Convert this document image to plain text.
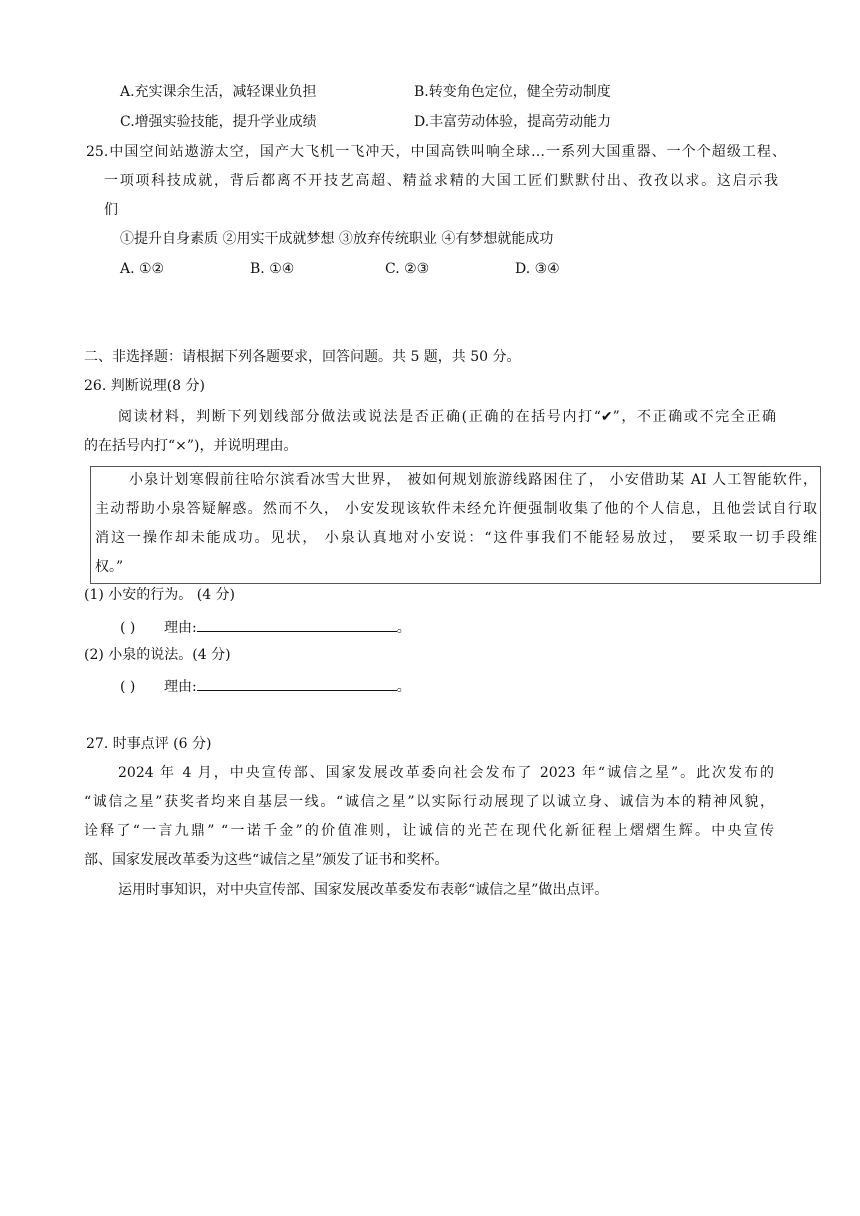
A.充实课余生活，减轻课业负担	B.转变角色定位，健全劳动制度
C.增强实验技能，提升学业成绩	D.丰富劳动体验，提高劳动能力
25.中国空间站遨游太空，国产大飞机一飞冲天，中国高铁叫响全球…一系列大国重器、一个个超级工程、
一项项科技成就，背后都离不开技艺高超、精益求精的大国工匠们默默付出、孜孜以求。这启示我
们
①提升自身素质 ②用实干成就梦想 ③放弃传统职业 ④有梦想就能成功
A. ①②	B. ①④	C. ②③	D. ③④
二、非选择题：请根据下列各题要求，回答问题。共 5 题，共 50 分。
26. 判断说理(8 分)
阅读材料，判断下列划线部分做法或说法是否正确(正确的在括号内打“✔”，不正确或不完全正确
的在括号内打“×”)，并说明理由。
小泉计划寒假前往哈尔滨看冰雪大世界， 被如何规划旅游线路困住了， 小安借助某 AI 人工智能软件，
主动帮助小泉答疑解惑。然而不久， 小安发现该软件未经允许便强制收集了他的个人信息，且他尝试自行取
消这一操作却未能成功。见状， 小泉认真地对小安说：“这件事我们不能轻易放过， 要采取一切手段维
权。”
(1) 小安的行为。 (4 分)
( ) 理由:	。
(2) 小泉的说法。(4 分)
( ) 理由:	。
27. 时事点评 (6 分)
2024 年 4 月，中央宣传部、国家发展改革委向社会发布了 2023 年“诚信之星”。此次发布的
“诚信之星”获奖者均来自基层一线。“诚信之星”以实际行动展现了以诚立身、诚信为本的精神风貌，
诠释了“一言九鼎” “一诺千金”的价值准则，让诚信的光芒在现代化新征程上熠熠生辉。中央宣传
部、国家发展改革委为这些“诚信之星”颁发了证书和奖杯。
运用时事知识，对中央宣传部、国家发展改革委发布表彰“诚信之星”做出点评。
